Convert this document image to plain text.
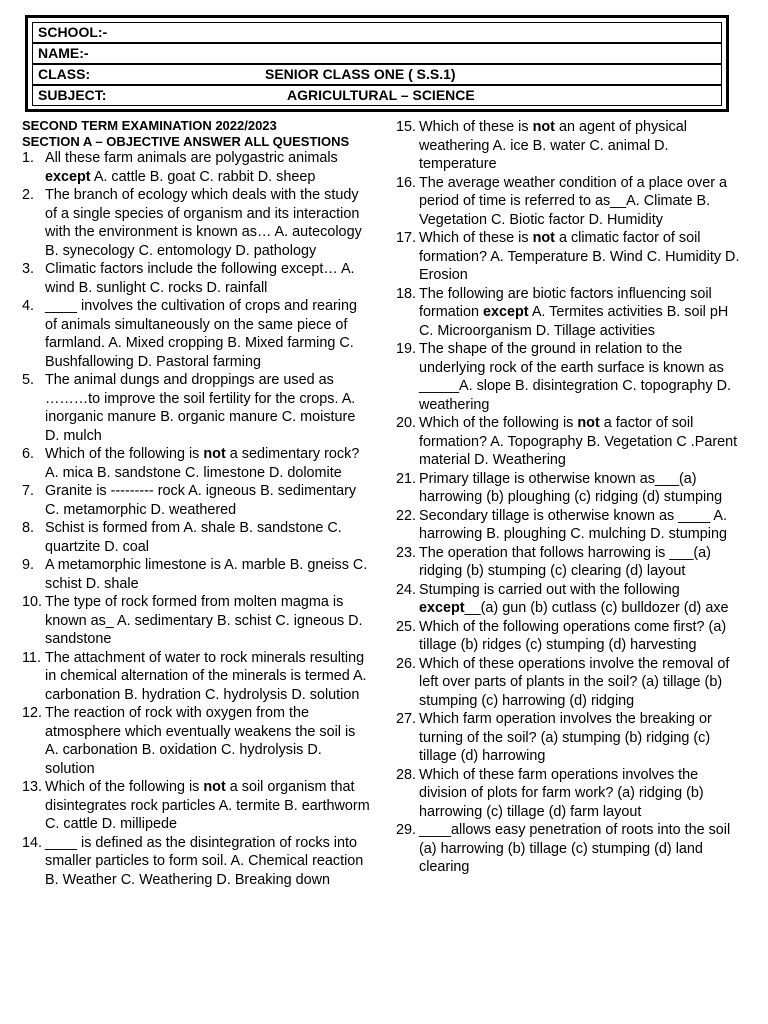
SCHOOL:-
NAME:-
CLASS:	SENIOR CLASS ONE ( S.S.1)
SUBJECT:	AGRICULTURAL – SCIENCE

SECOND TERM EXAMINATION 2022/2023

SECTION A – OBJECTIVE ANSWER ALL QUESTIONS

1. All these farm animals are polygastric animals except A. cattle B. goat C. rabbit D. sheep

2. The branch of ecology which deals with the study of a single species of organism and its interaction with the environment is known as… A. autecology B. synecology C. entomology D. pathology

3. Climatic factors include the following except… A. wind B. sunlight C. rocks D. rainfall

4. ____ involves the cultivation of crops and rearing of animals simultaneously on the same piece of farmland. A. Mixed cropping B. Mixed farming C. Bushfallowing D. Pastoral farming

5. The animal dungs and droppings are used as ………to improve the soil fertility for the crops. A. inorganic manure B. organic manure C. moisture D. mulch

6. Which of the following is not a sedimentary rock? A. mica B. sandstone C. limestone D. dolomite

7. Granite is --------- rock A. igneous B. sedimentary C. metamorphic D. weathered

8. Schist is formed from A. shale B. sandstone C. quartzite D. coal

9. A metamorphic limestone is A. marble B. gneiss C. schist D. shale

10. The type of rock formed from molten magma is known as_ A. sedimentary B. schist C. igneous D. sandstone

11. The attachment of water to rock minerals resulting in chemical alternation of the minerals is termed A. carbonation B. hydration C. hydrolysis D. solution

12. The reaction of rock with oxygen from the atmosphere which eventually weakens the soil is A. carbonation B. oxidation C. hydrolysis D. solution

13. Which of the following is not a soil organism that disintegrates rock particles A. termite B. earthworm C. cattle D. millipede

14. ____ is defined as the disintegration of rocks into smaller particles to form soil. A. Chemical reaction B. Weather C. Weathering D. Breaking down

15. Which of these is not an agent of physical weathering A. ice B. water C. animal D. temperature

16. The average weather condition of a place over a period of time is referred to as__A. Climate B. Vegetation C. Biotic factor D. Humidity

17. Which of these is not a climatic factor of soil formation? A. Temperature B. Wind C. Humidity D. Erosion

18. The following are biotic factors influencing soil formation except A. Termites activities B. soil pH C. Microorganism D. Tillage activities

19. The shape of the ground in relation to the underlying rock of the earth surface is known as _____A. slope B. disintegration C. topography D. weathering

20. Which of the following is not a factor of soil formation? A. Topography B. Vegetation C .Parent material D. Weathering

21. Primary tillage is otherwise known as___(a) harrowing (b) ploughing (c) ridging (d) stumping

22. Secondary tillage is otherwise known as ____ A. harrowing B. ploughing C. mulching D. stumping

23. The operation that follows harrowing is ___(a) ridging (b) stumping (c) clearing (d) layout

24. Stumping is carried out with the following except__(a) gun (b) cutlass (c) bulldozer (d) axe

25. Which of the following operations come first? (a) tillage (b) ridges (c) stumping (d) harvesting

26. Which of these operations involve the removal of left over parts of plants in the soil? (a) tillage (b) stumping (c) harrowing (d) ridging

27. Which farm operation involves the breaking or turning of the soil? (a) stumping (b) ridging (c) tillage (d) harrowing

28. Which of these farm operations involves the division of plots for farm work? (a) ridging (b) harrowing (c) tillage (d) farm layout

29. ____allows easy penetration of roots into the soil (a) harrowing (b) tillage (c) stumping (d) land clearing
